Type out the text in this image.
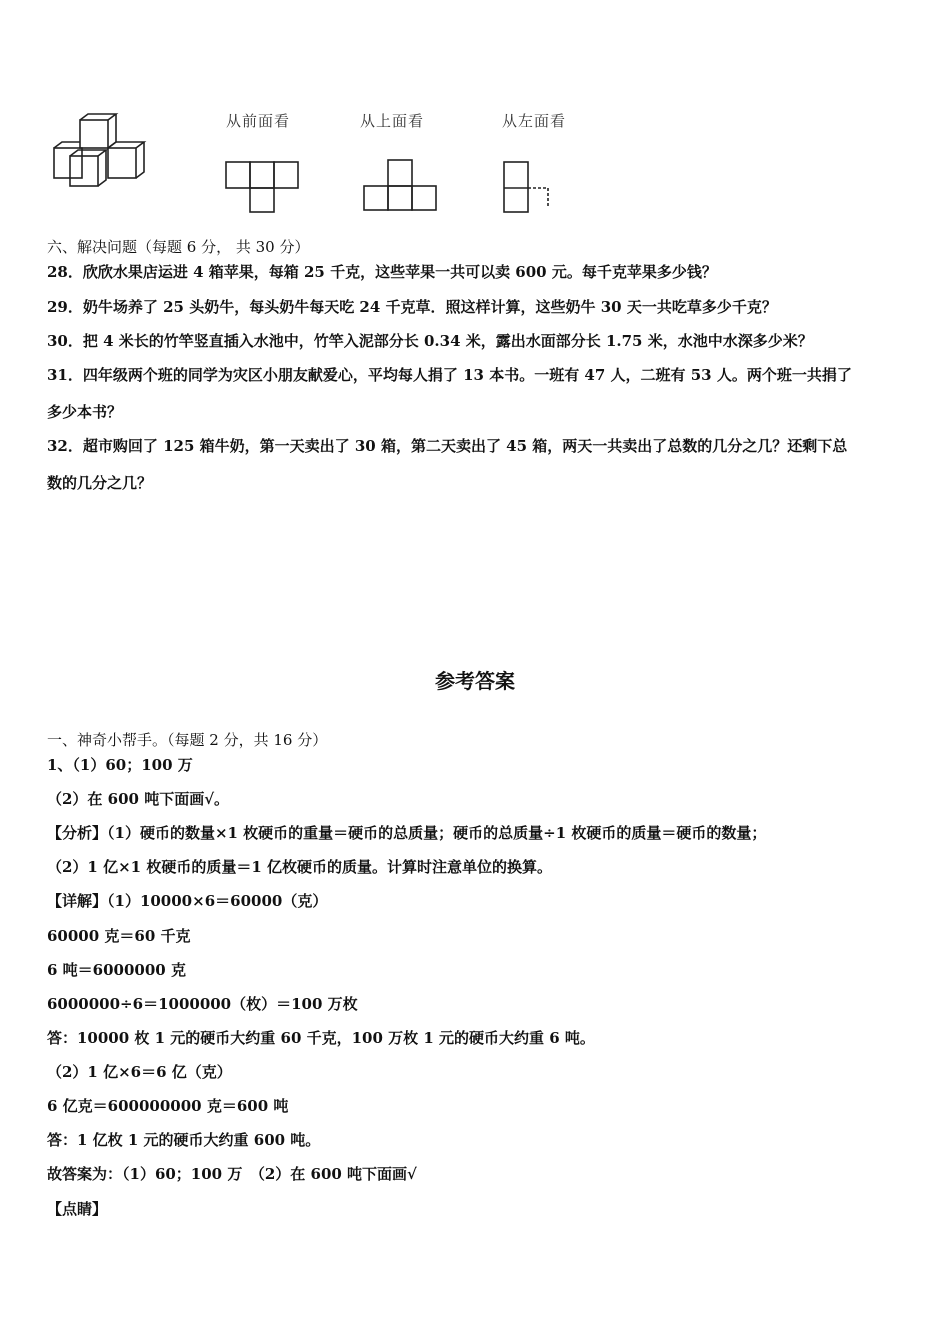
从前面看	从上面看	从左面看
六、解决问题（每题 6 分， 共 30 分）
28．欣欣水果店运进 4 箱苹果，每箱 25 千克，这些苹果一共可以卖 600 元。每千克苹果多少钱？
29．奶牛场养了 25 头奶牛，每头奶牛每天吃 24 千克草．照这样计算，这些奶牛 30 天一共吃草多少千克？
30．把 4 米长的竹竿竖直插入水池中，竹竿入泥部分长 0.34 米，露出水面部分长 1.75 米，水池中水深多少米？
31．四年级两个班的同学为灾区小朋友献爱心，平均每人捐了 13 本书。一班有 47 人，二班有 53 人。两个班一共捐了
多少本书？
32．超市购回了 125 箱牛奶，第一天卖出了 30 箱，第二天卖出了 45 箱，两天一共卖出了总数的几分之几？还剩下总
数的几分之几？
参考答案
一、神奇小帮手。（每题 2 分，共 16 分）
1、（1）60；100 万
（2）在 600 吨下面画√。
【分析】（1）硬币的数量×1 枚硬币的重量＝硬币的总质量；硬币的总质量÷1 枚硬币的质量＝硬币的数量；
（2）1 亿×1 枚硬币的质量＝1 亿枚硬币的质量。计算时注意单位的换算。
【详解】（1）10000×6＝60000（克）
60000 克＝60 千克
6 吨＝6000000 克
6000000÷6＝1000000（枚）＝100 万枚
答：10000 枚 1 元的硬币大约重 60 千克，100 万枚 1 元的硬币大约重 6 吨。
（2）1 亿×6＝6 亿（克）
6 亿克＝600000000 克＝600 吨
答：1 亿枚 1 元的硬币大约重 600 吨。
故答案为：（1）60；100 万　（2）在 600 吨下面画√
【点睛】
